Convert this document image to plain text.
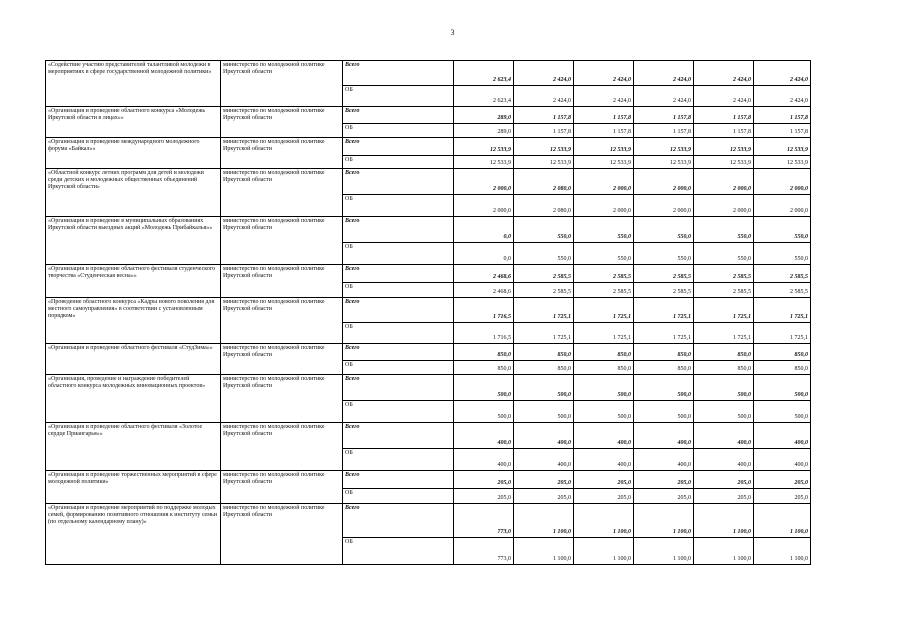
3
«Содействие участию представителей талантливой молодежи в мероприятиях в сфере государственной молодежной политики»	министерство по молодежной политике Иркутской области	Всего	2 623,4	2 424,0	2 424,0	2 424,0	2 424,0	2 424,0
		ОБ	2 623,4	2 424,0	2 424,0	2 424,0	2 424,0	2 424,0
«Организация и проведение областного конкурса «Молодежь Иркутской области в лицах»»	министерство по молодежной политике Иркутской области	Всего	289,0	1 157,8	1 157,8	1 157,8	1 157,8	1 157,8
		ОБ	289,0	1 157,8	1 157,8	1 157,8	1 157,8	1 157,8
«Организация и проведение международного молодежного форума «Байкал»»	министерство по молодежной политике Иркутской области	Всего	12 533,9	12 533,9	12 533,9	12 533,9	12 533,9	12 533,9
		ОБ	12 533,9	12 533,9	12 533,9	12 533,9	12 533,9	12 533,9
«Областной конкурс летних программ для детей и молодежи среди детских и молодежных общественных объединений Иркутской области»	министерство по молодежной политике Иркутской области	Всего	2 000,0	2 080,0	2 000,0	2 000,0	2 000,0	2 000,0
		ОБ	2 000,0	2 080,0	2 000,0	2 000,0	2 000,0	2 000,0
«Организация и проведение в муниципальных образованиях Иркутской области выездных акций «Молодежь Прибайкалья»»	министерство по молодежной политике Иркутской области	Всего	0,0	550,0	550,0	550,0	550,0	550,0
		ОБ	0,0	550,0	550,0	550,0	550,0	550,0
«Организация и проведение областного фестиваля студенческого творчества «Студенческая весна»»	министерство по молодежной политике Иркутской области	Всего	2 468,6	2 585,5	2 585,5	2 585,5	2 585,5	2 585,5
		ОБ	2 468,6	2 585,5	2 585,5	2 585,5	2 585,5	2 585,5
«Проведение областного конкурса «Кадры нового поколения для местного самоуправления» в соответствии с установленным порядком»	министерство по молодежной политике Иркутской области	Всего	1 716,5	1 725,1	1 725,1	1 725,1	1 725,1	1 725,1
		ОБ	1 716,5	1 725,1	1 725,1	1 725,1	1 725,1	1 725,1
«Организация и проведение областного фестиваля «СтудЗима»»	министерство по молодежной политике Иркутской области	Всего	850,0	850,0	850,0	850,0	850,0	850,0
		ОБ	850,0	850,0	850,0	850,0	850,0	850,0
«Организация, проведение и награждение победителей областного конкурса молодежных инновационных проектов»	министерство по молодежной политике Иркутской области	Всего	500,0	500,0	500,0	500,0	500,0	500,0
		ОБ	500,0	500,0	500,0	500,0	500,0	500,0
«Организация и проведение областного фестиваля «Золотое сердце Приангарья»»	министерство по молодежной политике Иркутской области	Всего	400,0	400,0	400,0	400,0	400,0	400,0
		ОБ	400,0	400,0	400,0	400,0	400,0	400,0
«Организация и проведение торжественных мероприятий в сфере молодежной политики»	министерство по молодежной политике Иркутской области	Всего	205,0	205,0	205,0	205,0	205,0	205,0
		ОБ	205,0	205,0	205,0	205,0	205,0	205,0
«Организация и проведение мероприятий по поддержке молодых семей, формированию позитивного отношения к институту семьи (по отдельному календарному плану)»	министерство по молодежной политике Иркутской области	Всего	773,0	1 100,0	1 100,0	1 100,0	1 100,0	1 100,0
		ОБ	773,0	1 100,0	1 100,0	1 100,0	1 100,0	1 100,0
